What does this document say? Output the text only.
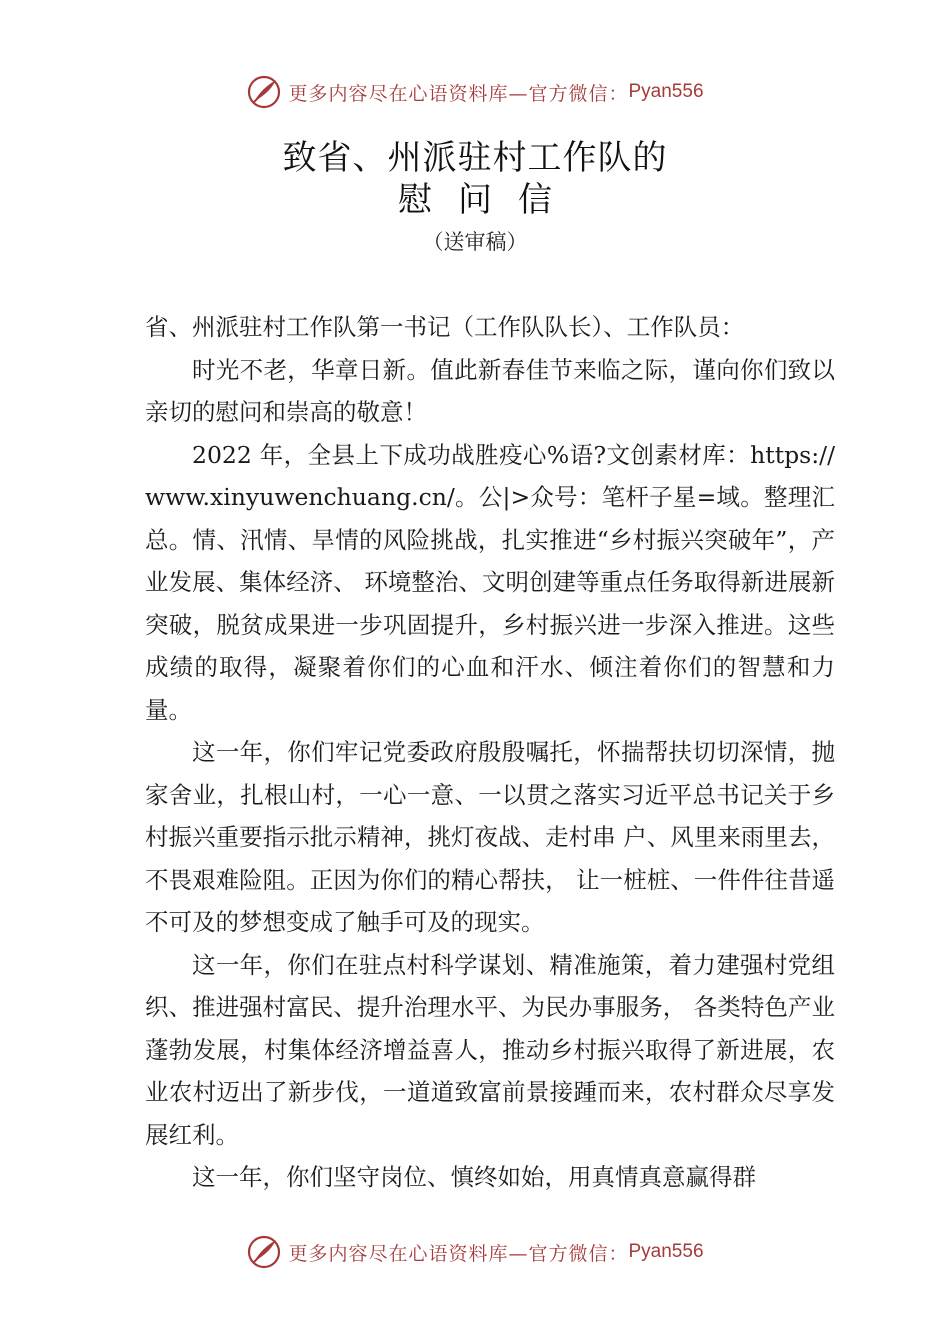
更多内容尽在心语资料库—官方微信： Pyan556
致省、州派驻村工作队的
慰问信
（送审稿）

省、州派驻村工作队第一书记（工作队队长）、工作队员：

时光不老，华章日新。值此新春佳节来临之际，谨向你们致以亲切的慰问和崇高的敬意！

2022 年，全县上下成功战胜疫心%语?文创素材库：https://www.xinyuwenchuang.cn/。公|>众号：笔杆子星=域。整理汇总。情、汛情、旱情的风险挑战，扎实推进“乡村振兴突破年”，产业发展、集体经济、 环境整治、文明创建等重点任务取得新进展新突破，脱贫成果进一步巩固提升，乡村振兴进一步深入推进。这些成绩的取得，凝聚着你们的心血和汗水、倾注着你们的智慧和力量。

这一年，你们牢记党委政府殷殷嘱托，怀揣帮扶切切深情，抛家舍业，扎根山村，一心一意、一以贯之落实习近平总书记关于乡村振兴重要指示批示精神，挑灯夜战、走村串 户、风里来雨里去，不畏艰难险阻。正因为你们的精心帮扶， 让一桩桩、一件件往昔遥不可及的梦想变成了触手可及的现实。

这一年，你们在驻点村科学谋划、精准施策，着力建强村党组织、推进强村富民、提升治理水平、为民办事服务， 各类特色产业蓬勃发展，村集体经济增益喜人，推动乡村振兴取得了新进展，农业农村迈出了新步伐，一道道致富前景接踵而来，农村群众尽享发展红利。

这一年，你们坚守岗位、慎终如始，用真情真意赢得群

更多内容尽在心语资料库—官方微信： Pyan556
